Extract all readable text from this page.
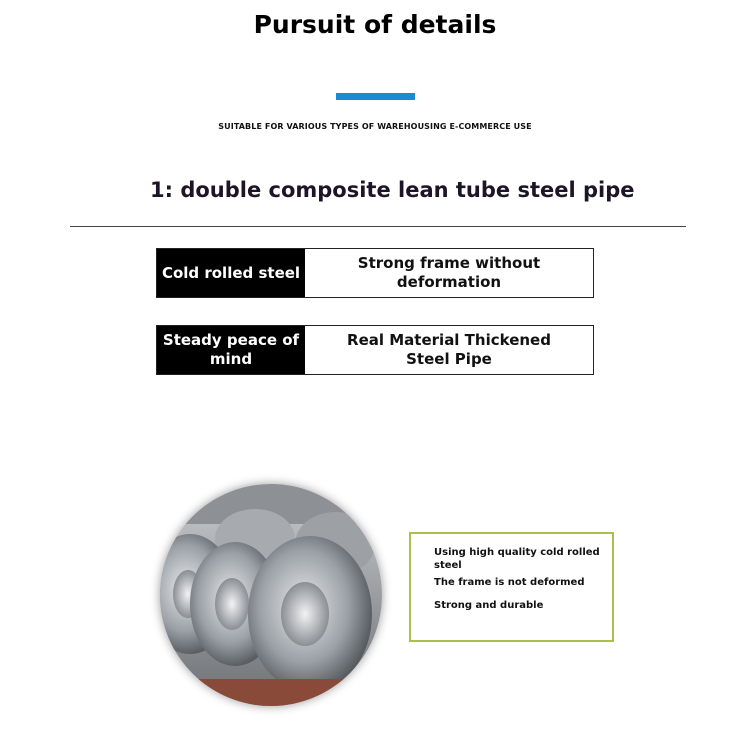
Pursuit of details
SUITABLE FOR VARIOUS TYPES OF WAREHOUSING E-COMMERCE USE
1: double composite lean tube steel pipe
Cold rolled steel
Strong frame without deformation
Steady peace of mind
Real Material Thickened Steel Pipe

Using high quality cold rolled steel

The frame is not deformed

Strong and durable
